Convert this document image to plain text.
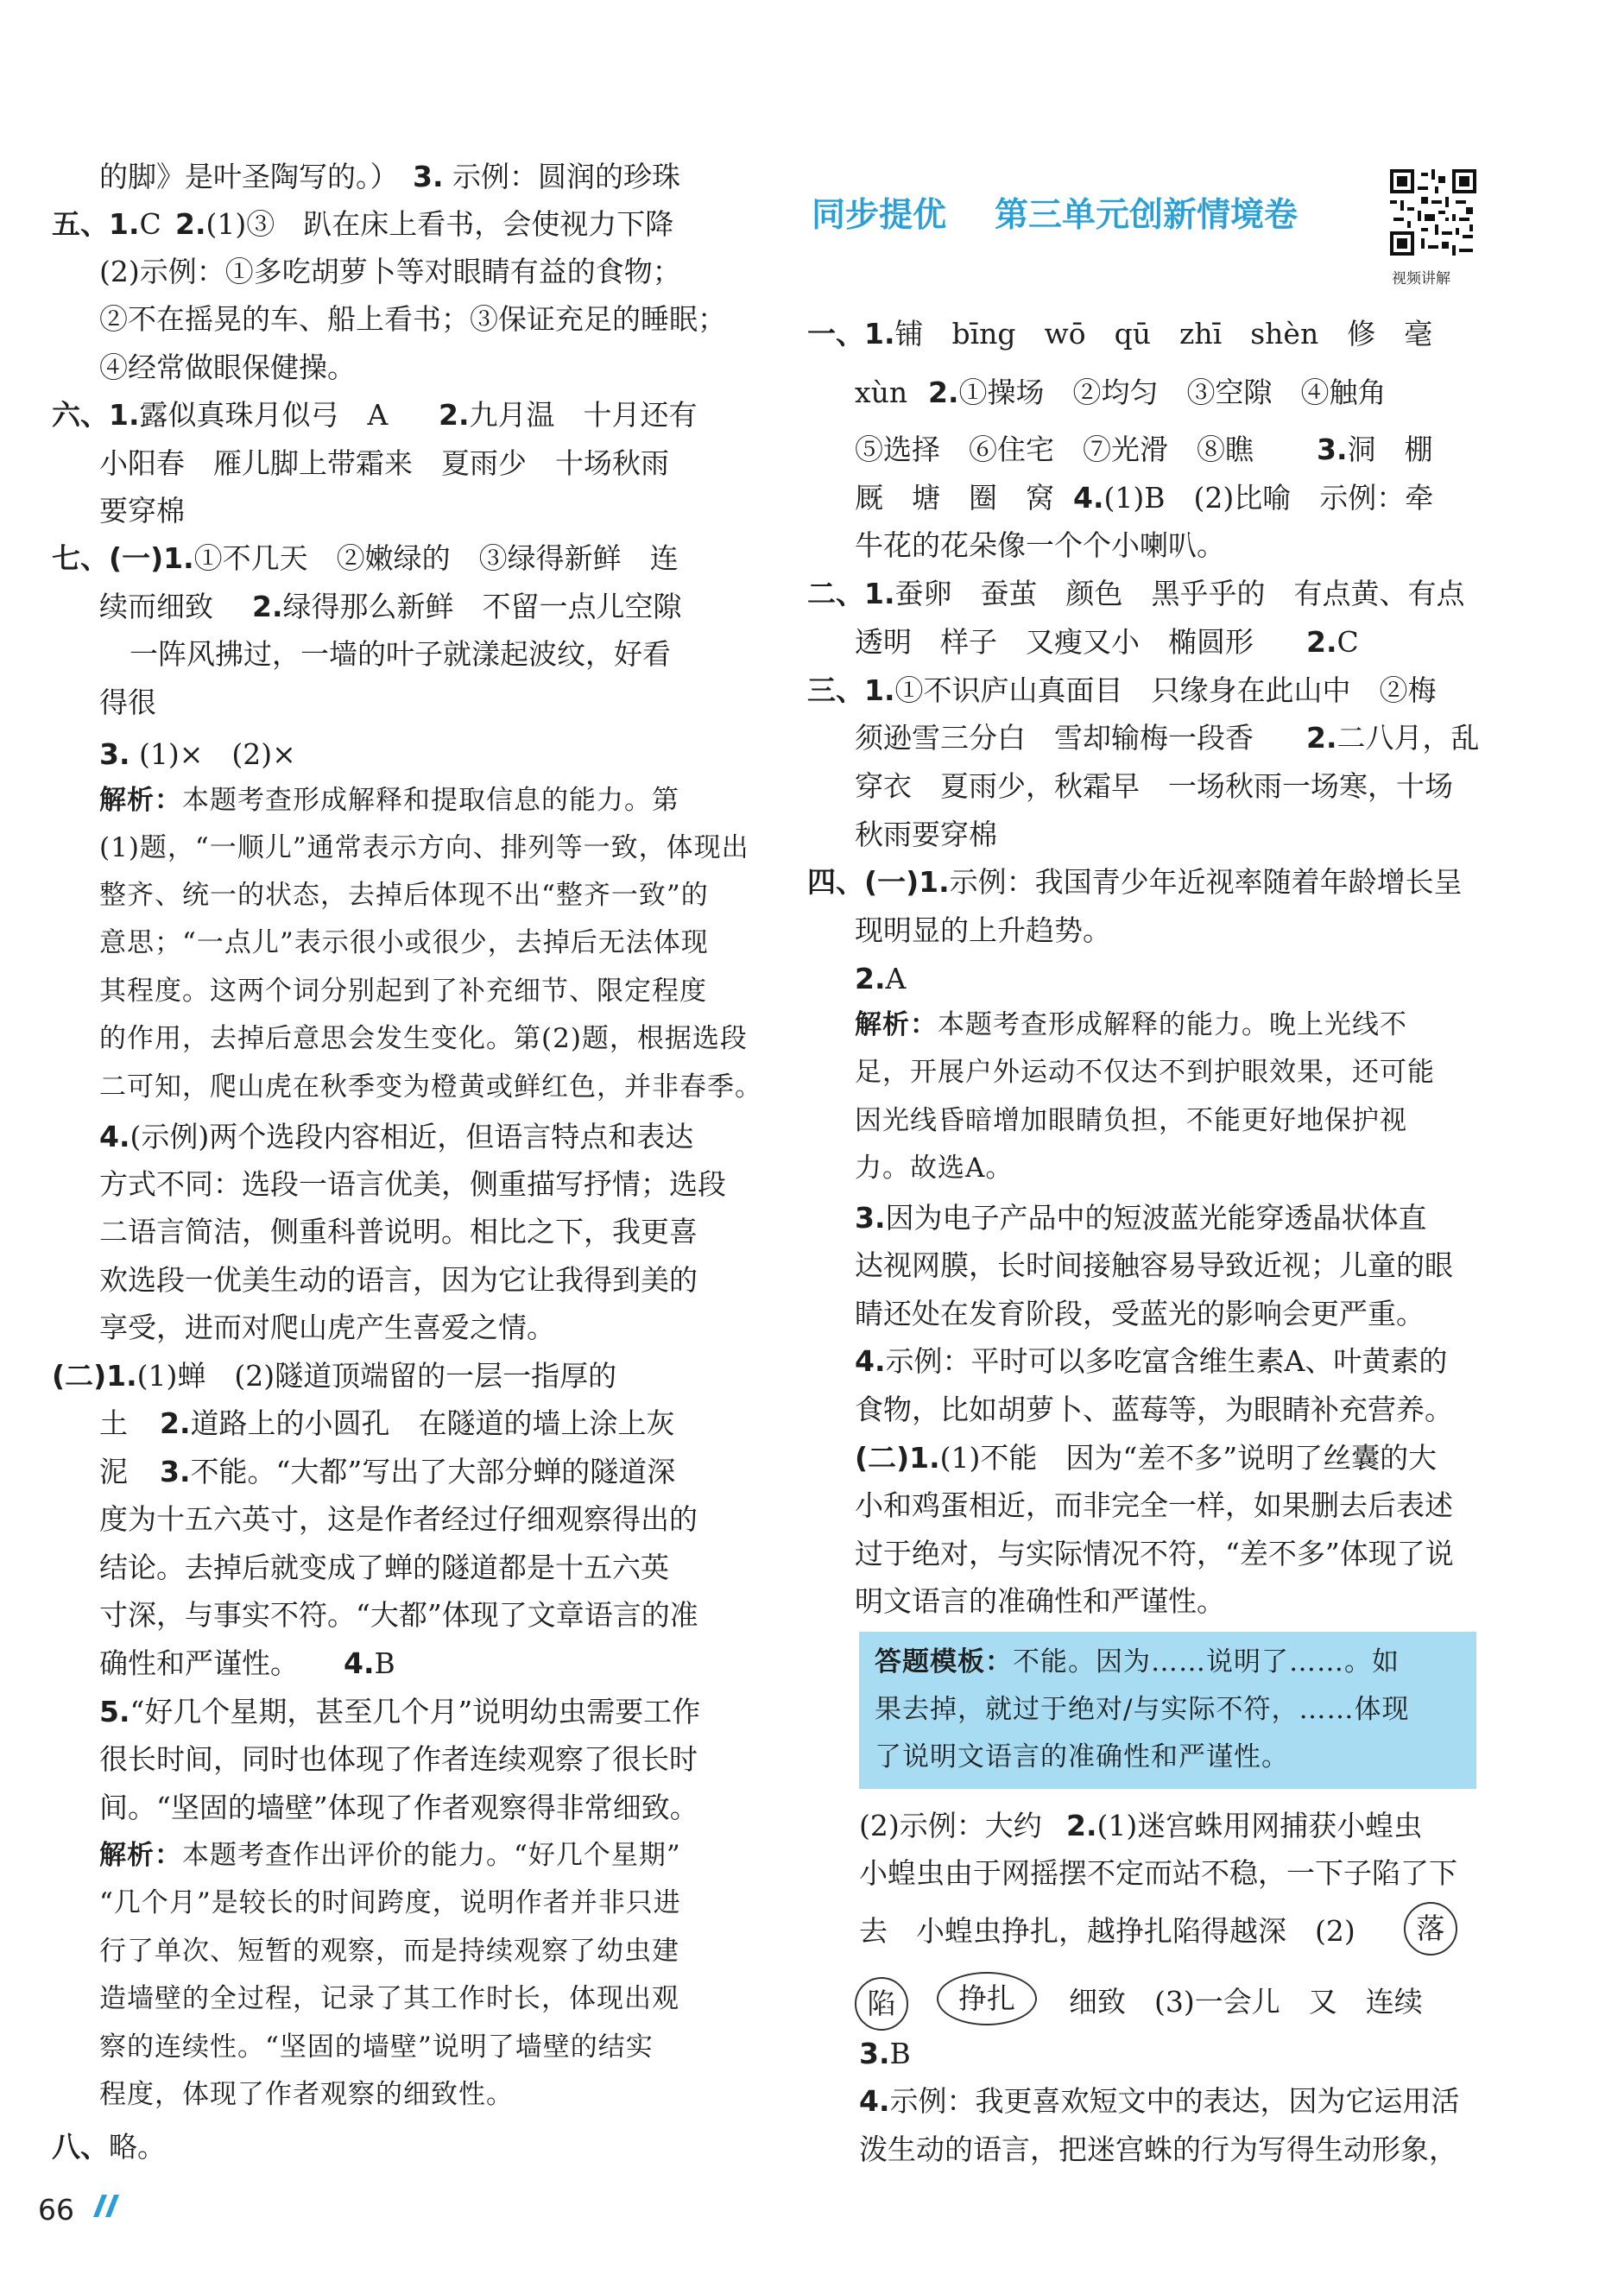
同步提优 第三单元创新情境卷
视频讲解
的脚》是叶圣陶写的。） 3. 示例：圆润的珍珠
五、1.C 2.(1)③　趴在床上看书，会使视力下降
(2)示例：①多吃胡萝卜等对眼睛有益的食物；
②不在摇晃的车、船上看书；③保证充足的睡眠；
④经常做眼保健操。
六、1.露似真珠月似弓　A 2.九月温　十月还有
小阳春　雁儿脚上带霜来　夏雨少　十场秋雨
要穿棉
七、(一)1.①不几天　②嫩绿的　③绿得新鲜　连
续而细致 2.绿得那么新鲜　不留一点儿空隙
一阵风拂过，一墙的叶子就漾起波纹，好看
得很
3. (1)×　(2)×
解析：本题考查形成解释和提取信息的能力。第
(1)题，“一顺儿”通常表示方向、排列等一致，体现出
整齐、统一的状态，去掉后体现不出“整齐一致”的
意思；“一点儿”表示很小或很少，去掉后无法体现
其程度。这两个词分别起到了补充细节、限定程度
的作用，去掉后意思会发生变化。第(2)题，根据选段
二可知，爬山虎在秋季变为橙黄或鲜红色，并非春季。
4.(示例)两个选段内容相近，但语言特点和表达
方式不同：选段一语言优美，侧重描写抒情；选段
二语言简洁，侧重科普说明。相比之下，我更喜
欢选段一优美生动的语言，因为它让我得到美的
享受，进而对爬山虎产生喜爱之情。
(二)1.(1)蝉　(2)隧道顶端留的一层一指厚的
土 2.道路上的小圆孔　在隧道的墙上涂上灰
泥 3.不能。“大都”写出了大部分蝉的隧道深
度为十五六英寸，这是作者经过仔细观察得出的
结论。去掉后就变成了蝉的隧道都是十五六英
寸深，与事实不符。“大都”体现了文章语言的准
确性和严谨性。 4.B
5.“好几个星期，甚至几个月”说明幼虫需要工作
很长时间，同时也体现了作者连续观察了很长时
间。“坚固的墙壁”体现了作者观察得非常细致。
解析：本题考查作出评价的能力。“好几个星期”
“几个月”是较长的时间跨度，说明作者并非只进
行了单次、短暂的观察，而是持续观察了幼虫建
造墙壁的全过程，记录了其工作时长，体现出观
察的连续性。“坚固的墙壁”说明了墙壁的结实
程度，体现了作者观察的细致性。
八、略。
一、1.铺　bīng　wō　qū　zhī　shèn　修　毫
xùn 2.①操场　②均匀　③空隙　④触角
⑤选择　⑥住宅　⑦光滑　⑧瞧 3.洞　棚
厩　塘　圈　窝 4.(1)B　(2)比喻　示例：牵
牛花的花朵像一个个小喇叭。
二、1.蚕卵　蚕茧　颜色　黑乎乎的　有点黄、有点
透明　样子　又瘦又小　椭圆形 2.C
三、1.①不识庐山真面目　只缘身在此山中　②梅
须逊雪三分白　雪却输梅一段香 2.二八月，乱
穿衣　夏雨少，秋霜早　一场秋雨一场寒，十场
秋雨要穿棉
四、(一)1.示例：我国青少年近视率随着年龄增长呈
现明显的上升趋势。
2.A
解析：本题考查形成解释的能力。晚上光线不
足，开展户外运动不仅达不到护眼效果，还可能
因光线昏暗增加眼睛负担，不能更好地保护视
力。故选A。
3.因为电子产品中的短波蓝光能穿透晶状体直
达视网膜，长时间接触容易导致近视；儿童的眼
睛还处在发育阶段，受蓝光的影响会更严重。
4.示例：平时可以多吃富含维生素A、叶黄素的
食物，比如胡萝卜、蓝莓等，为眼睛补充营养。
(二)1.(1)不能　因为“差不多”说明了丝囊的大
小和鸡蛋相近，而非完全一样，如果删去后表述
过于绝对，与实际情况不符，“差不多”体现了说
明文语言的准确性和严谨性。
答题模板：不能。因为……说明了……。如
果去掉，就过于绝对/与实际不符，……体现
了说明文语言的准确性和严谨性。
(2)示例：大约 2.(1)迷宫蛛用网捕获小蝗虫
小蝗虫由于网摇摆不定而站不稳，一下子陷了下
去　小蝗虫挣扎，越挣扎陷得越深　(2)	落
陷	挣扎	细致　(3)一会儿　又　连续
3.B
4.示例：我更喜欢短文中的表达，因为它运用活
泼生动的语言，把迷宫蛛的行为写得生动形象，
66
